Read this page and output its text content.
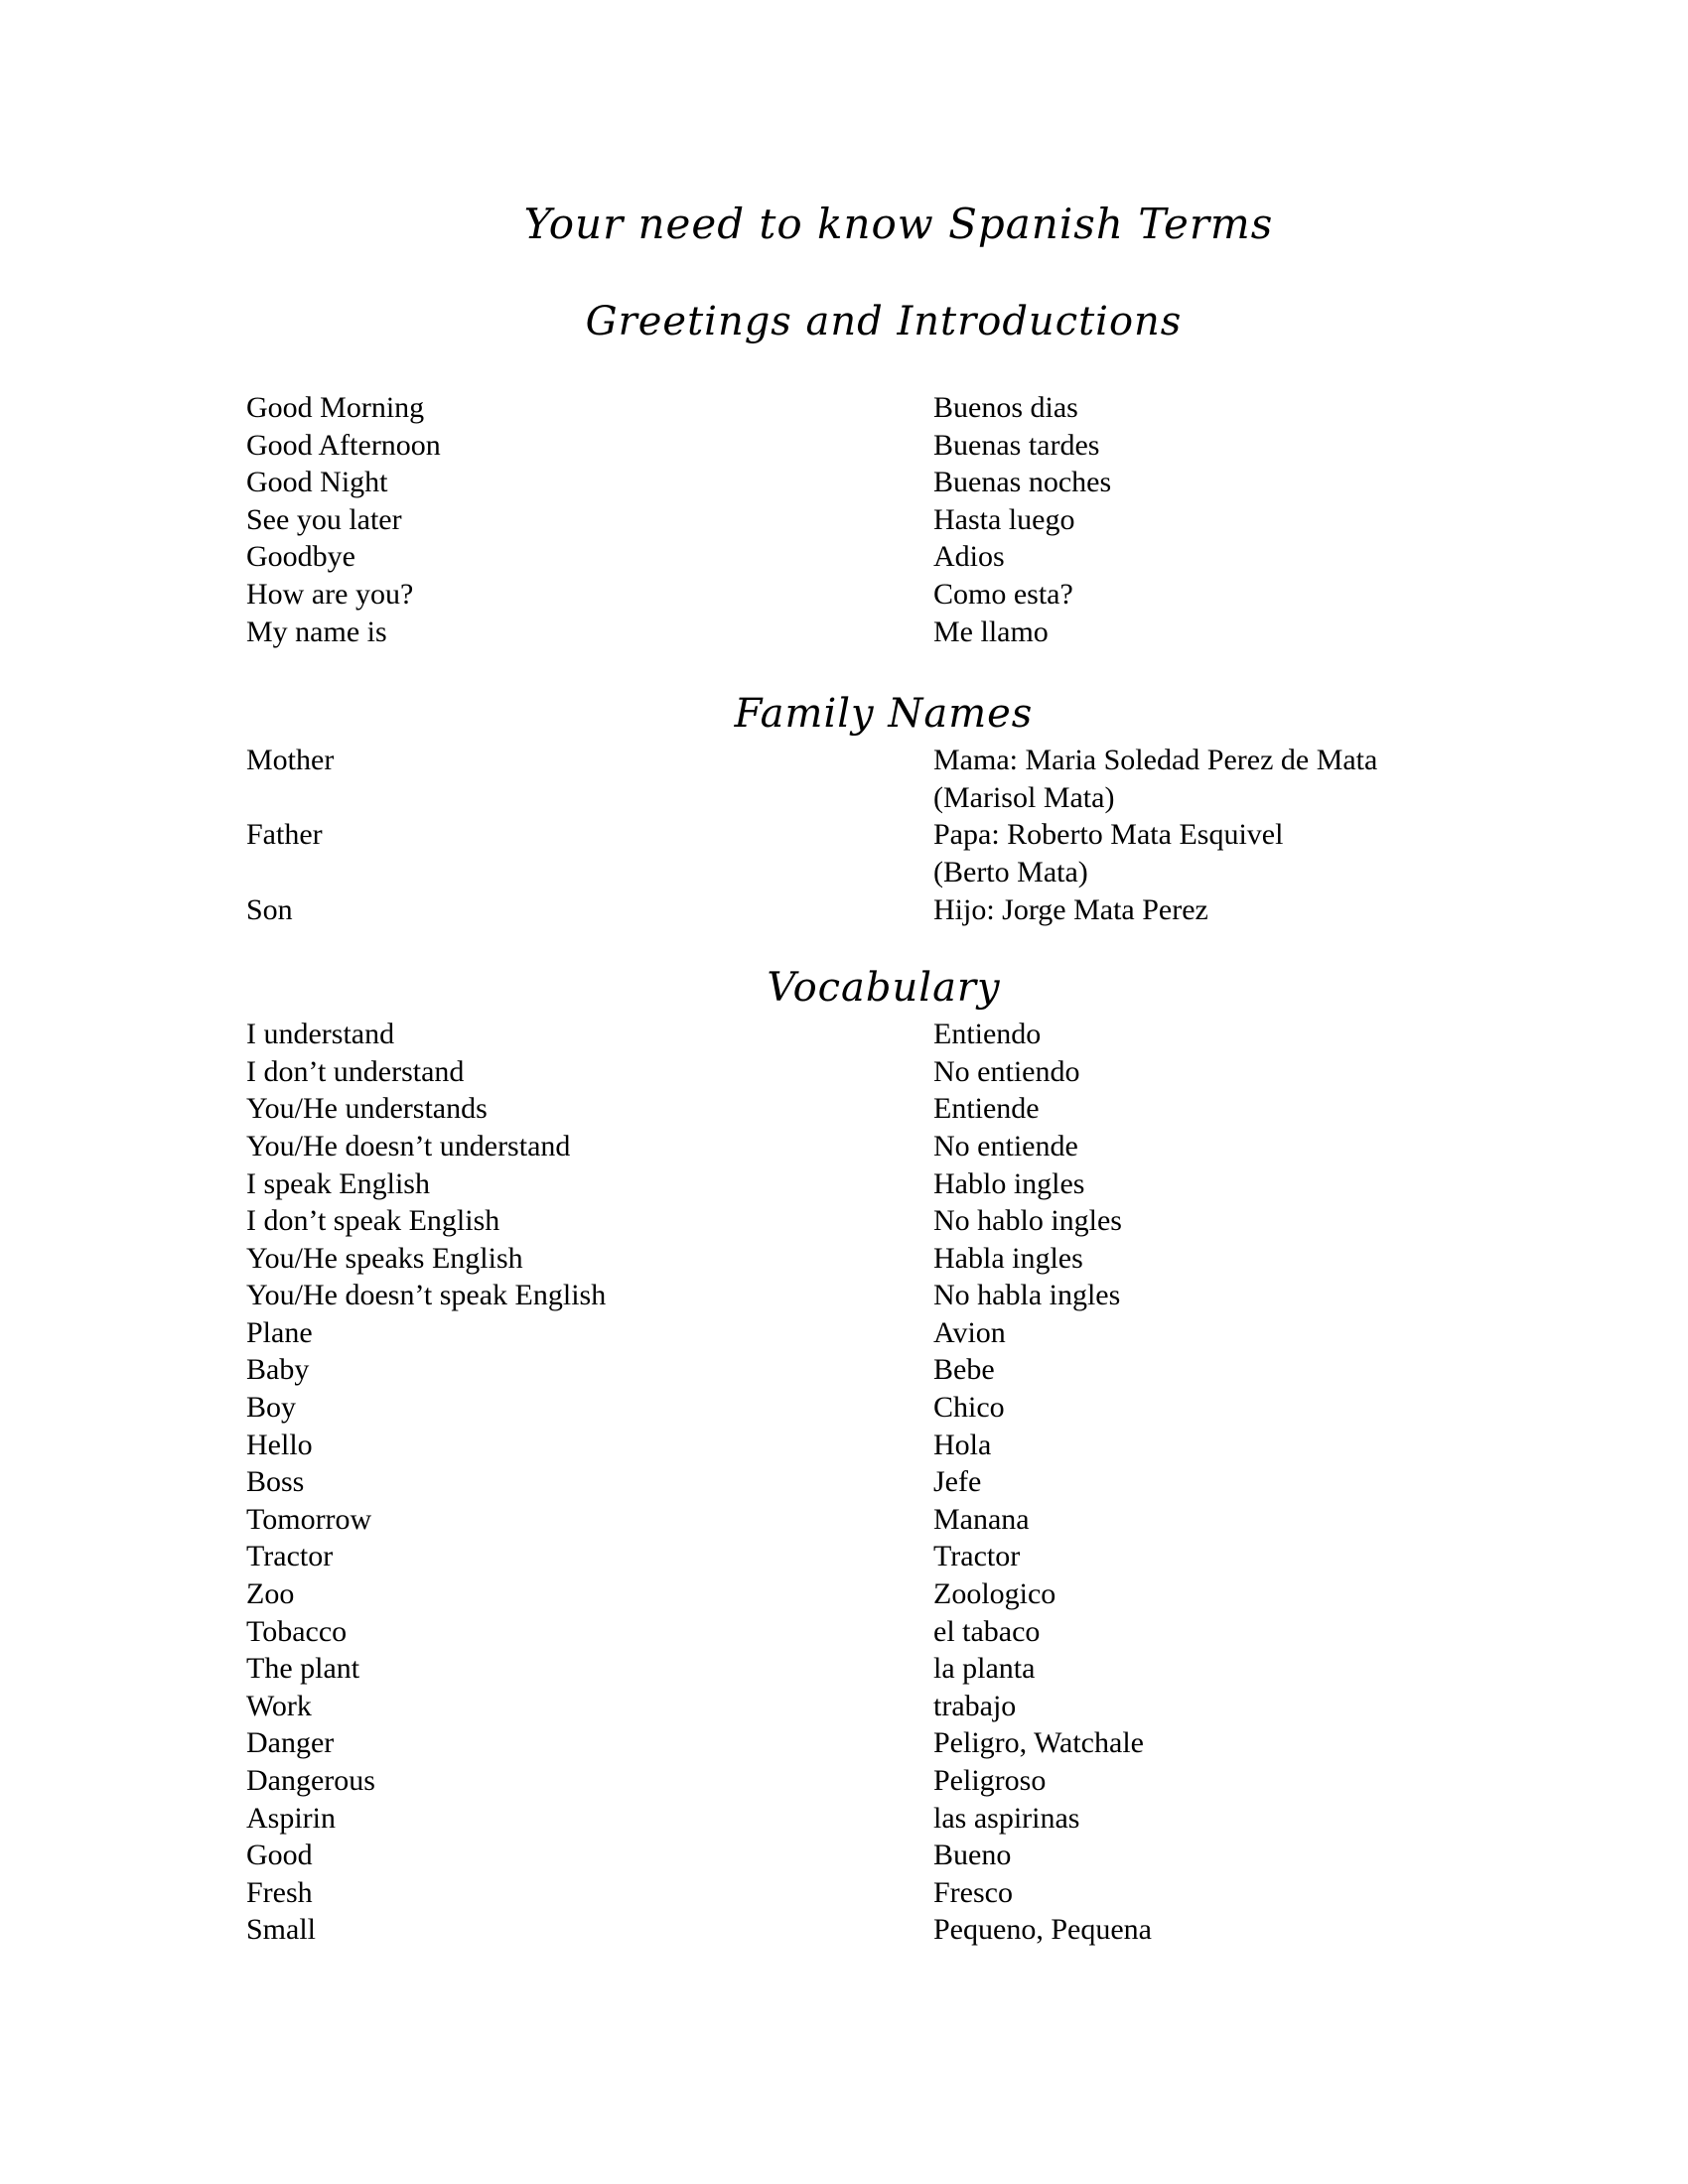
Your need to know Spanish Terms
Greetings and Introductions
Good Morning	Buenos dias
Good Afternoon	Buenas tardes
Good Night	Buenas noches
See you later	Hasta luego
Goodbye	Adios
How are you?	Como esta?
My name is	Me llamo
Family Names
Mother	Mama: Maria Soledad Perez de Mata
(Marisol Mata)
Father	Papa: Roberto Mata Esquivel
(Berto Mata)
Son	Hijo: Jorge Mata Perez
Vocabulary
I understand	Entiendo
I don’t understand	No entiendo
You/He understands	Entiende
You/He doesn’t understand	No entiende
I speak English	Hablo ingles
I don’t speak English	No hablo ingles
You/He speaks English	Habla ingles
You/He doesn’t speak English	No habla ingles
Plane	Avion
Baby	Bebe
Boy	Chico
Hello	Hola
Boss	Jefe
Tomorrow	Manana
Tractor	Tractor
Zoo	Zoologico
Tobacco	el tabaco
The plant	la planta
Work	trabajo
Danger	Peligro, Watchale
Dangerous	Peligroso
Aspirin	las aspirinas
Good	Bueno
Fresh	Fresco
Small	Pequeno, Pequena
